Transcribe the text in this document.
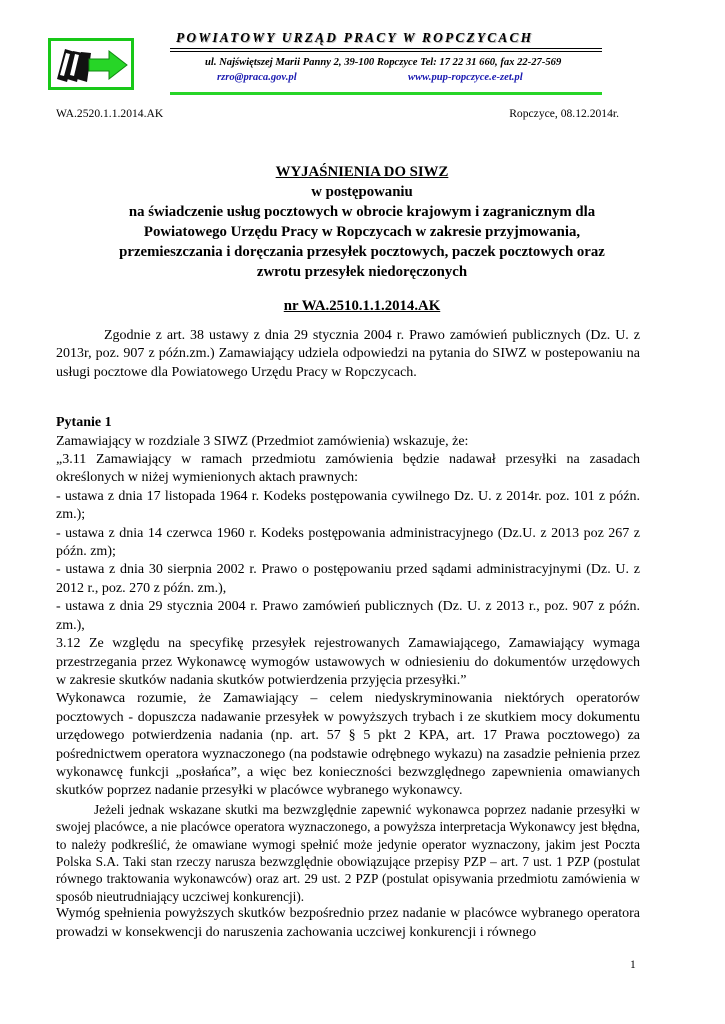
POWIATOWY URZĄD PRACY W ROPCZYCACH
ul. Najświętszej Marii Panny 2, 39-100 Ropczyce Tel: 17 22 31 660, fax 22-27-569
rzro@praca.gov.pl	www.pup-ropczyce.e-zet.pl
WA.2520.1.1.2014.AK	Ropczyce, 08.12.2014r.
WYJAŚNIENIA DO SIWZ
w postępowaniu
na świadczenie usług pocztowych w obrocie krajowym i zagranicznym dla
Powiatowego Urzędu Pracy w Ropczycach w zakresie przyjmowania,
przemieszczania i doręczania przesyłek pocztowych, paczek pocztowych oraz
zwrotu przesyłek niedoręczonych
nr WA.2510.1.1.2014.AK

Zgodnie z art. 38 ustawy z dnia 29 stycznia 2004 r. Prawo zamówień publicznych (Dz. U. z 2013r, poz. 907 z późn.zm.) Zamawiający udziela odpowiedzi na pytania do SIWZ w postepowaniu na usługi pocztowe dla Powiatowego Urzędu Pracy w Ropczycach.

Pytanie 1

Zamawiający w rozdziale 3 SIWZ (Przedmiot zamówienia) wskazuje, że:

„3.11 Zamawiający w ramach przedmiotu zamówienia będzie nadawał przesyłki na zasadach określonych w niżej wymienionych aktach prawnych:

- ustawa z dnia 17 listopada 1964 r. Kodeks postępowania cywilnego Dz. U. z 2014r. poz. 101 z późn. zm.);

- ustawa z dnia 14 czerwca 1960 r. Kodeks postępowania administracyjnego (Dz.U. z 2013 poz 267 z późn. zm);

- ustawa z dnia 30 sierpnia 2002 r. Prawo o postępowaniu przed sądami administracyjnymi (Dz. U. z 2012 r., poz. 270 z późn. zm.),

- ustawa z dnia 29 stycznia 2004 r. Prawo zamówień publicznych (Dz. U. z 2013 r., poz. 907 z późn. zm.),

3.12 Ze względu na specyfikę przesyłek rejestrowanych Zamawiającego, Zamawiający wymaga przestrzegania przez Wykonawcę wymogów ustawowych w odniesieniu do dokumentów urzędowych w zakresie skutków nadania skutków potwierdzenia przyjęcia przesyłki.”

Wykonawca rozumie, że Zamawiający – celem niedyskryminowania niektórych operatorów pocztowych - dopuszcza nadawanie przesyłek w powyższych trybach i ze skutkiem mocy dokumentu urzędowego potwierdzenia nadania (np. art. 57 § 5 pkt 2 KPA, art. 17 Prawa pocztowego) za pośrednictwem operatora wyznaczonego (na podstawie odrębnego wykazu) na zasadzie pełnienia przez wykonawcę funkcji „posłańca”, a więc bez konieczności bezwzględnego zapewnienia omawianych skutków poprzez nadanie przesyłki w placówce wybranego wykonawcy.

Jeżeli jednak wskazane skutki ma bezwzględnie zapewnić wykonawca poprzez nadanie przesyłki w swojej placówce, a nie placówce operatora wyznaczonego, a powyższa interpretacja Wykonawcy jest błędna, to należy podkreślić, że omawiane wymogi spełnić może jedynie operator wyznaczony, jakim jest Poczta Polska S.A. Taki stan rzeczy narusza bezwzględnie obowiązujące przepisy PZP – art. 7 ust. 1 PZP (postulat równego traktowania wykonawców) oraz art. 29 ust. 2 PZP (postulat opisywania przedmiotu zamówienia w sposób nieutrudniający uczciwej konkurencji).

Wymóg spełnienia powyższych skutków bezpośrednio przez nadanie w placówce wybranego operatora prowadzi w konsekwencji do naruszenia zachowania uczciwej konkurencji i równego

1
